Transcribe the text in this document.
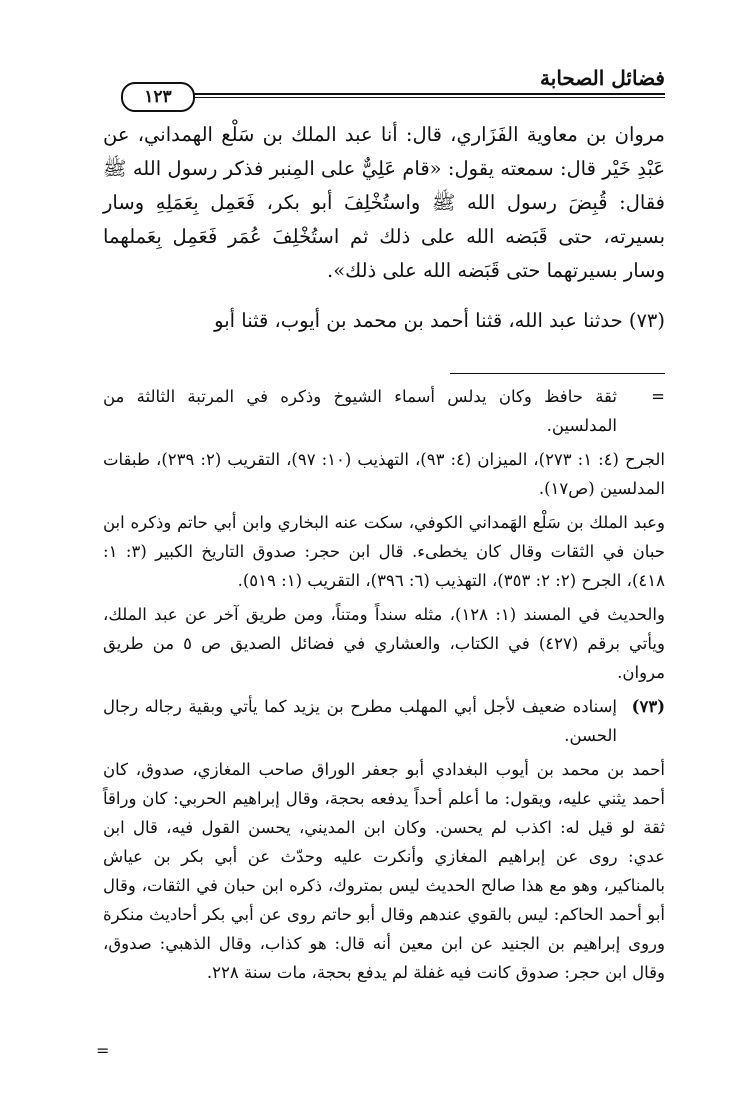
فضائل الصحابة
١٢٣

مروان بن معاوية الفَزَاري، قال: أنا عبد الملك بن سَلْع الهمداني، عن عَبْدِ خَيْر قال: سمعته يقول: «قام عَلِيٌّ على المِنبر فذكر رسول الله ﷺ فقال: قُبِضَ رسول الله ﷺ واستُخْلِفَ أبو بكر، فَعَمِل بِعَمَلِهِ وسار بسيرته، حتى قَبَضه الله على ذلك ثم استُخْلِفَ عُمَر فَعَمِل بِعَملهما وسار بسيرتهما حتى قَبَضه الله على ذلك».

(٧٣) حدثنا عبد الله، قثنا أحمد بن محمد بن أيوب، قثنا أبو

=
ثقة حافظ وكان يدلس أسماء الشيوخ وذكره في المرتبة الثالثة من المدلسين.

الجرح (٤: ١: ٢٧٣)، الميزان (٤: ٩٣)، التهذيب (١٠: ٩٧)، التقريب (٢: ٢٣٩)، طبقات المدلسين (ص١٧).

وعبد الملك بن سَلْع الهَمداني الكوفي، سكت عنه البخاري وابن أبي حاتم وذكره ابن حبان في الثقات وقال كان يخطىء. قال ابن حجر: صدوق التاريخ الكبير (٣: ١: ٤١٨)، الجرح (٢: ٢: ٣٥٣)، التهذيب (٦: ٣٩٦)، التقريب (١: ٥١٩).

والحديث في المسند (١: ١٢٨)، مثله سنداً ومتناً، ومن طريق آخر عن عبد الملك، ويأتي برقم (٤٢٧) في الكتاب، والعشاري في فضائل الصديق ص ٥ من طريق مروان.

(٧٣)
إسناده ضعيف لأجل أبي المهلب مطرح بن يزيد كما يأتي وبقية رجاله رجال الحسن.

أحمد بن محمد بن أيوب البغدادي أبو جعفر الوراق صاحب المغازي، صدوق، كان أحمد يثني عليه، ويقول: ما أعلم أحداً يدفعه بحجة، وقال إبراهيم الحربي: كان وراقاً ثقة لو قيل له: اكذب لم يحسن. وكان ابن المديني، يحسن القول فيه، قال ابن عدي: روى عن إبراهيم المغازي وأنكرت عليه وحدّث عن أبي بكر بن عياش بالمناكير، وهو مع هذا صالح الحديث ليس بمتروك، ذكره ابن حبان في الثقات، وقال أبو أحمد الحاكم: ليس بالقوي عندهم وقال أبو حاتم روى عن أبي بكر أحاديث منكرة وروى إبراهيم بن الجنيد عن ابن معين أنه قال: هو كذاب، وقال الذهبي: صدوق، وقال ابن حجر: صدوق كانت فيه غفلة لم يدفع بحجة، مات سنة ٢٢٨.

=
